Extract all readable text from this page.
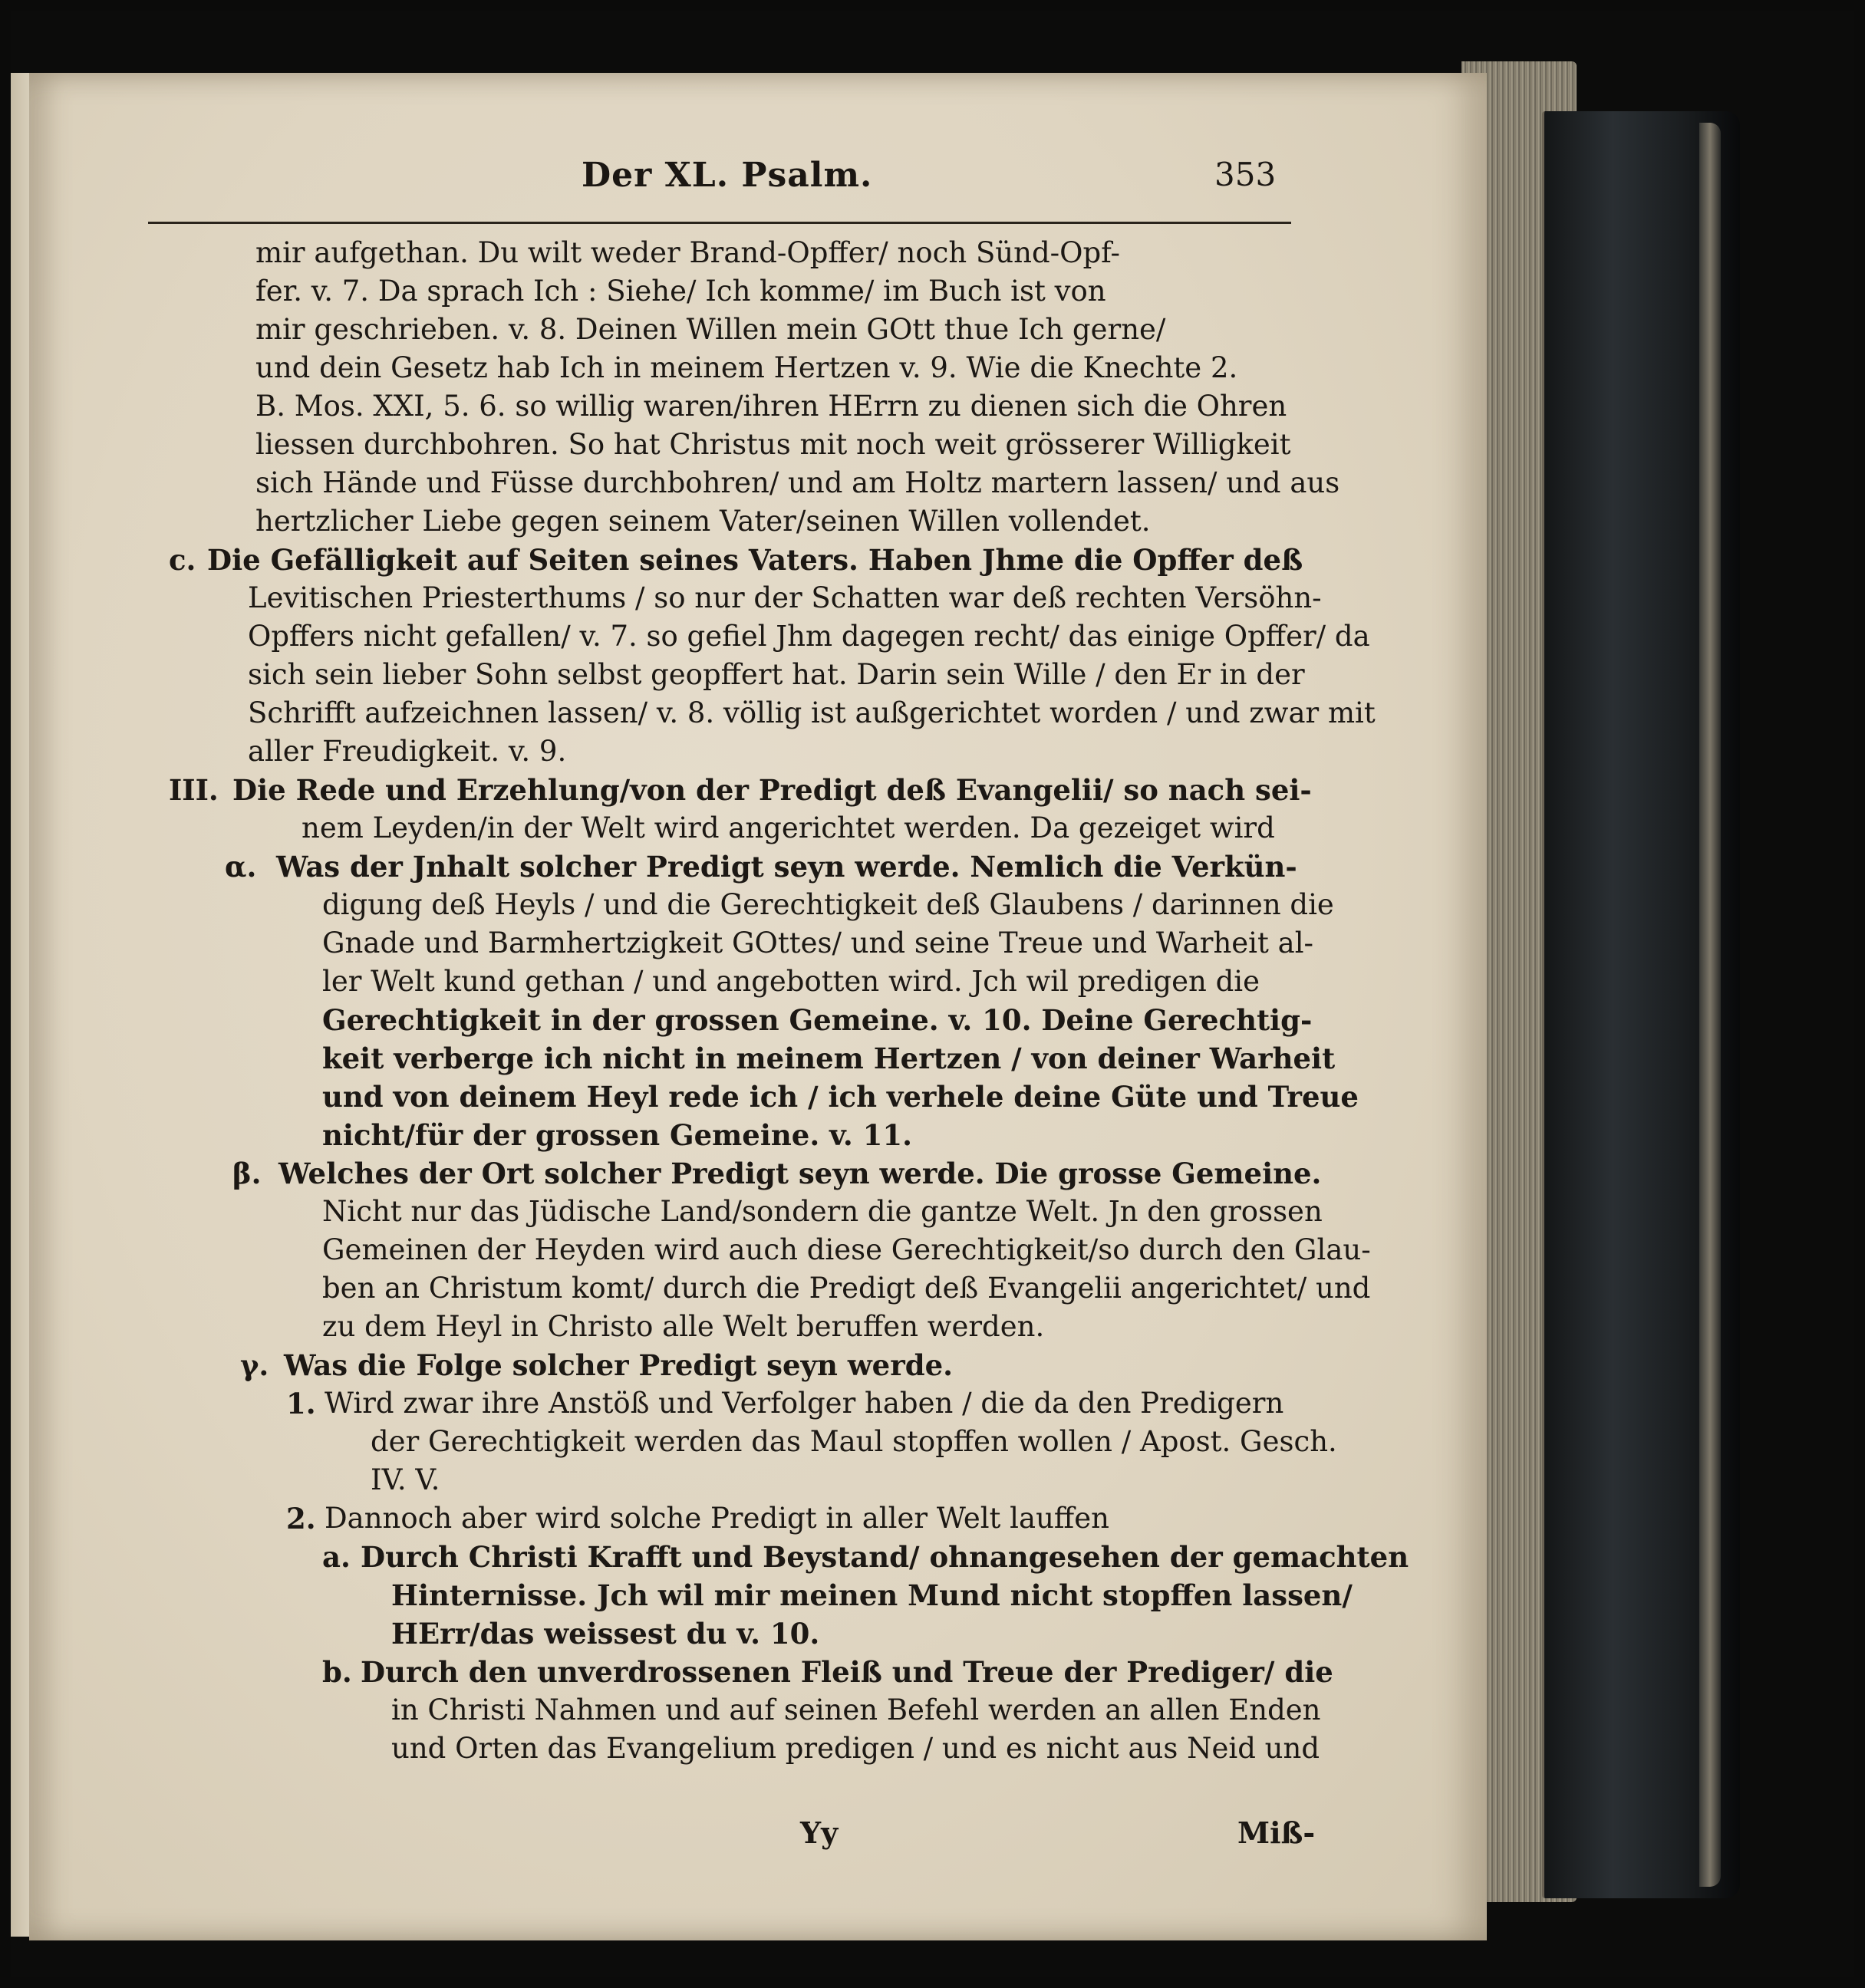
Der XL. Psalm.	353
mir aufgethan. Du wilt weder Brand-Opffer/ noch Sünd-Opf-
fer. v. 7. Da sprach Ich : Siehe/ Ich komme/ im Buch ist von
mir geschrieben. v. 8. Deinen Willen mein GOtt thue Ich gerne/
und dein Gesetz hab Ich in meinem Hertzen v. 9. Wie die Knechte 2.
B. Mos. XXI, 5. 6. so willig waren/ihren HErrn zu dienen sich die Ohren
liessen durchbohren. So hat Christus mit noch weit grösserer Willigkeit
sich Hände und Füsse durchbohren/ und am Holtz martern lassen/ und aus
hertzlicher Liebe gegen seinem Vater/seinen Willen vollendet.
c. Die Gefälligkeit auf Seiten seines Vaters. Haben Jhme die Opffer deß
Levitischen Priesterthums / so nur der Schatten war deß rechten Versöhn-
Opffers nicht gefallen/ v. 7. so gefiel Jhm dagegen recht/ das einige Opffer/ da
sich sein lieber Sohn selbst geopffert hat. Darin sein Wille / den Er in der
Schrifft aufzeichnen lassen/ v. 8. völlig ist außgerichtet worden / und zwar mit
aller Freudigkeit. v. 9.
III. Die Rede und Erzehlung/von der Predigt deß Evangelii/ so nach sei-
nem Leyden/in der Welt wird angerichtet werden. Da gezeiget wird
α. Was der Jnhalt solcher Predigt seyn werde. Nemlich die Verkün-
digung deß Heyls / und die Gerechtigkeit deß Glaubens / darinnen die
Gnade und Barmhertzigkeit GOttes/ und seine Treue und Warheit al-
ler Welt kund gethan / und angebotten wird. Jch wil predigen die
Gerechtigkeit in der grossen Gemeine. v. 10. Deine Gerechtig-
keit verberge ich nicht in meinem Hertzen / von deiner Warheit
und von deinem Heyl rede ich / ich verhele deine Güte und Treue
nicht/für der grossen Gemeine. v. 11.
β. Welches der Ort solcher Predigt seyn werde. Die grosse Gemeine.
Nicht nur das Jüdische Land/sondern die gantze Welt. Jn den grossen
Gemeinen der Heyden wird auch diese Gerechtigkeit/so durch den Glau-
ben an Christum komt/ durch die Predigt deß Evangelii angerichtet/ und
zu dem Heyl in Christo alle Welt beruffen werden.
γ. Was die Folge solcher Predigt seyn werde.
1. Wird zwar ihre Anstöß und Verfolger haben / die da den Predigern
der Gerechtigkeit werden das Maul stopffen wollen / Apost. Gesch.
IV. V.
2. Dannoch aber wird solche Predigt in aller Welt lauffen
a. Durch Christi Krafft und Beystand/ ohnangesehen der gemachten
Hinternisse. Jch wil mir meinen Mund nicht stopffen lassen/
HErr/das weissest du v. 10.
b. Durch den unverdrossenen Fleiß und Treue der Prediger/ die
in Christi Nahmen und auf seinen Befehl werden an allen Enden
und Orten das Evangelium predigen / und es nicht aus Neid und
Yy	Miß-
